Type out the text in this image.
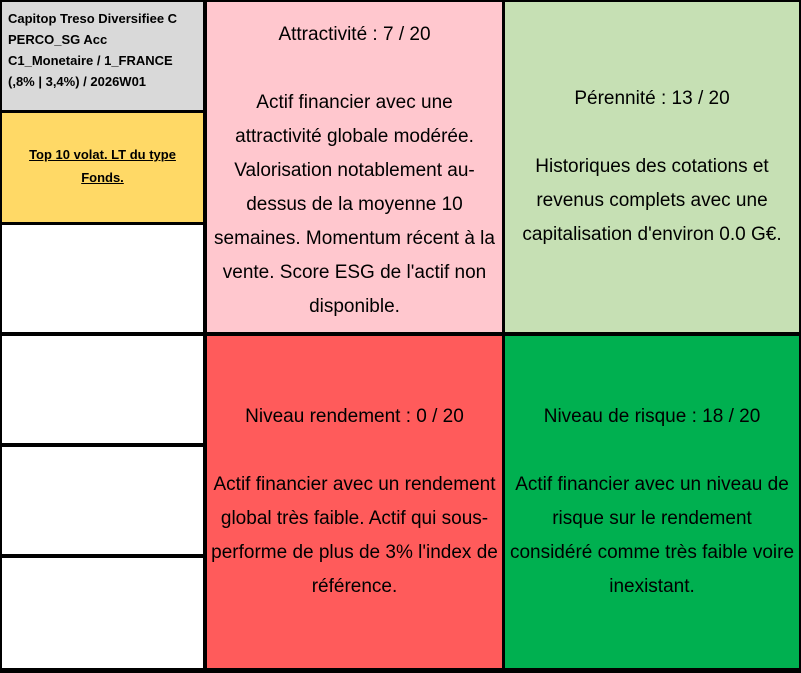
Capitop Treso Diversifiee C
PERCO_SG Acc
C1_Monetaire / 1_FRANCE
(,8% | 3,4%) / 2026W01
Top 10 volat. LT du type Fonds.
Attractivité : 7 / 20
Actif financier avec une attractivité globale modérée. Valorisation notablement au-dessus de la moyenne 10 semaines. Momentum récent à la vente. Score ESG de l'actif non disponible.
Pérennité : 13 / 20
Historiques des cotations et revenus complets avec une capitalisation d'environ 0.0 G€.
Niveau rendement : 0 / 20
Actif financier avec un rendement global très faible. Actif qui sous-performe de plus de 3% l'index de référence.
Niveau de risque : 18 / 20
Actif financier avec un niveau de risque sur le rendement considéré comme très faible voire inexistant.
